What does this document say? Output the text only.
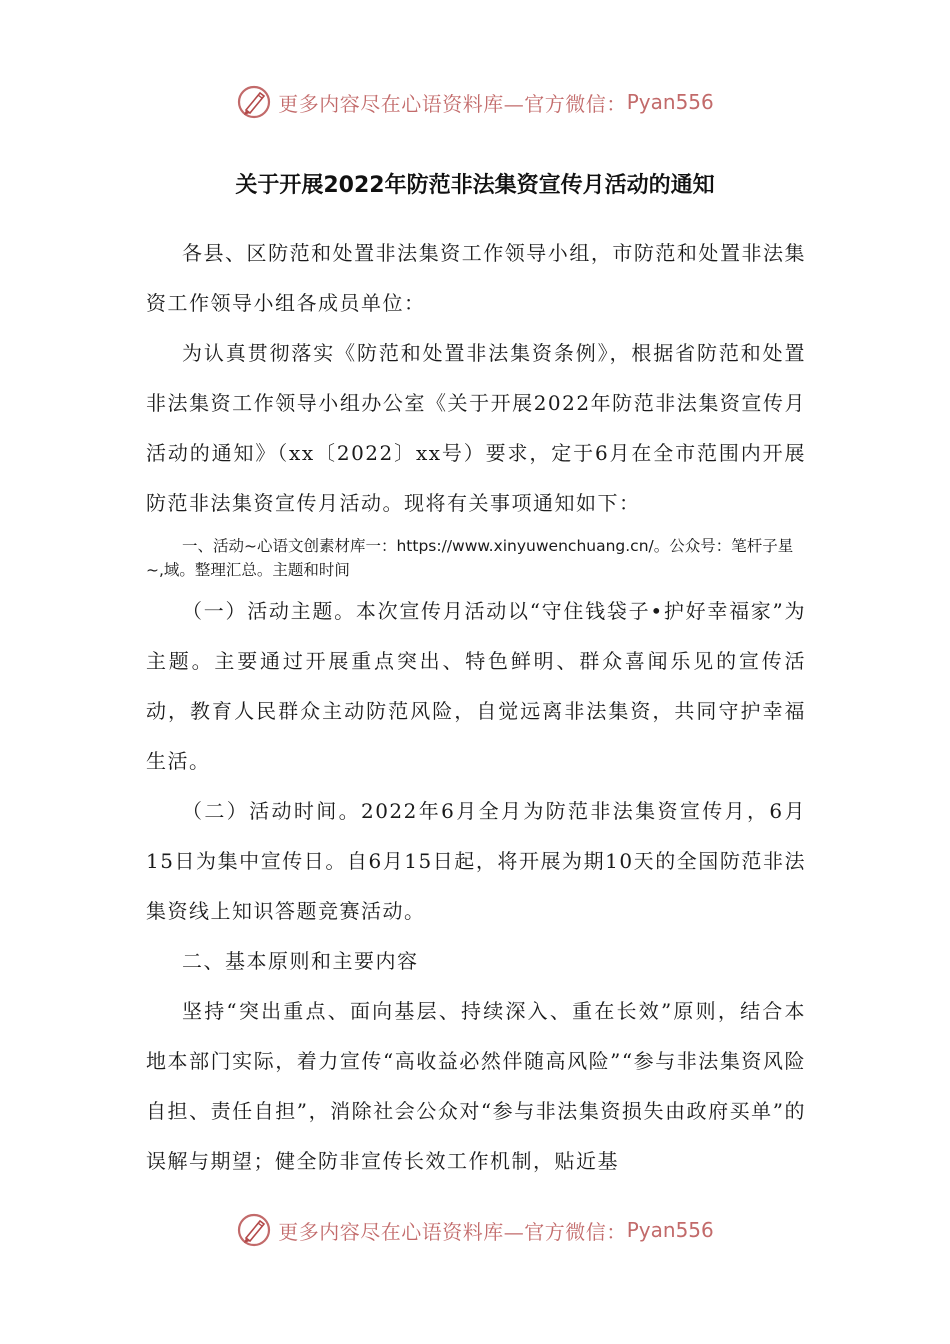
更多内容尽在心语资料库—官方微信： Pyan556
关于开展2022年防范非法集资宣传月活动的通知

各县、区防范和处置非法集资工作领导小组，市防范和处置非法集资工作领导小组各成员单位：

为认真贯彻落实《防范和处置非法集资条例》，根据省防范和处置非法集资工作领导小组办公室《关于开展2022年防范非法集资宣传月活动的通知》（xx〔2022〕xx号）要求，定于6月在全市范围内开展防范非法集资宣传月活动。现将有关事项通知如下：

一、活动~心语文创素材库一：https://www.xinyuwenchuang.cn/。公众号：笔杆子星~,域。整理汇总。主题和时间

（一）活动主题。本次宣传月活动以“守住钱袋子•护好幸福家”为主题。主要通过开展重点突出、特色鲜明、群众喜闻乐见的宣传活动，教育人民群众主动防范风险，自觉远离非法集资，共同守护幸福生活。

（二）活动时间。2022年6月全月为防范非法集资宣传月，6月15日为集中宣传日。自6月15日起，将开展为期10天的全国防范非法集资线上知识答题竞赛活动。

二、基本原则和主要内容

坚持“突出重点、面向基层、持续深入、重在长效”原则，结合本地本部门实际，着力宣传“高收益必然伴随高风险”“参与非法集资风险自担、责任自担”，消除社会公众对“参与非法集资损失由政府买单”的误解与期望；健全防非宣传长效工作机制，贴近基

更多内容尽在心语资料库—官方微信： Pyan556
